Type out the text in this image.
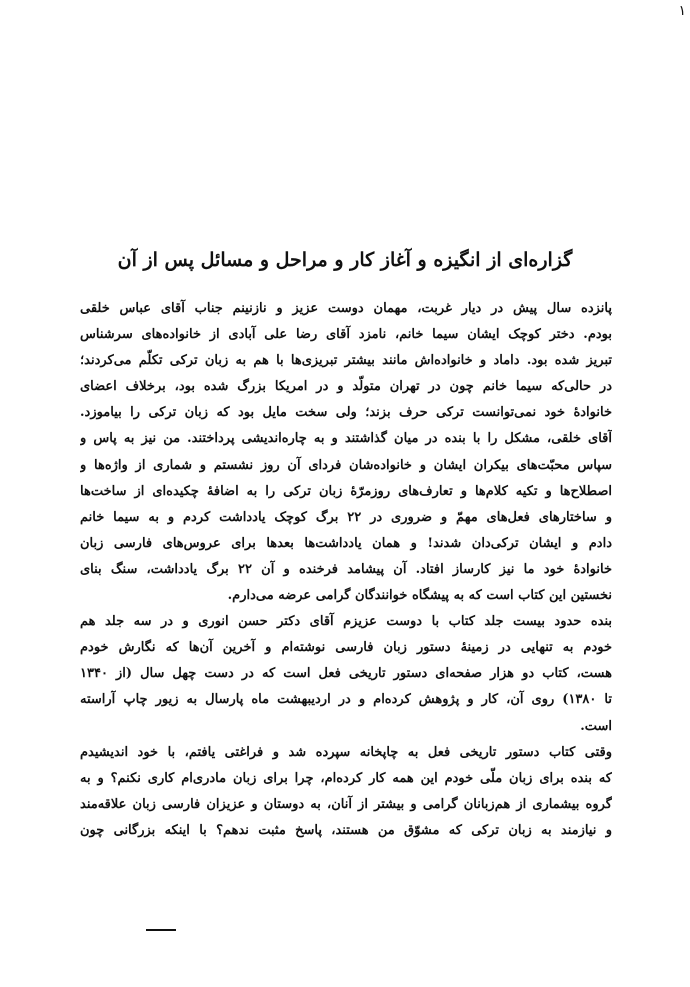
۱
گزاره‌ای از انگیزه و آغاز کار و مراحل و مسائل پس از آن
پانزده سال پیش در دیار غربت، مهمان دوست عزیز و نازنینم جناب آقای عباس خلقی
بودم. دختر کوچک ایشان سیما خانم، نامزد آقای رضا علی آبادی از خانواده‌های سرشناس
تبریز شده بود. داماد و خانواده‌اش مانند بیشتر تبریزی‌ها با هم به زبان ترکی تکلّم می‌کردند؛
در حالی‌که سیما خانم چون در تهران متولّد و در امریکا بزرگ شده بود، برخلاف اعضای
خانوادهٔ خود نمی‌توانست ترکی حرف بزند؛ ولی سخت مایل بود که زبان ترکی را بیاموزد.
آقای خلقی، مشکل را با بنده در میان گذاشتند و به چاره‌اندیشی پرداختند. من نیز به پاس و
سپاس محبّت‌های بیکران ایشان و خانواده‌شان فردای آن روز نشستم و شماری از واژه‌ها و
اصطلاح‌ها و تکیه کلام‌ها و تعارف‌های روزمرّهٔ زبان ترکی را به اضافهٔ چکیده‌ای از ساخت‌ها
و ساختارهای فعل‌های مهمّ و ضروری در ۲۲ برگ کوچک یادداشت کردم و به سیما خانم
دادم و ایشان ترکی‌دان شدند! و همان یادداشت‌ها بعدها برای عروس‌های فارسی زبان
خانوادهٔ خود ما نیز کارساز افتاد. آن پیشامد فرخنده و آن ۲۲ برگ یادداشت، سنگ بنای
نخستین این کتاب است که به پیشگاه خوانندگان گرامی عرضه می‌دارم.
بنده حدود بیست جلد کتاب با دوست عزیزم آقای دکتر حسن انوری و در سه جلد هم
خودم به تنهایی در زمینهٔ دستور زبان فارسی نوشته‌ام و آخرین آن‌ها که نگارش خودم
هست، کتاب دو هزار صفحه‌ای دستور تاریخی فعل است که در دست چهل سال (از ۱۳۴۰
تا ۱۳۸۰) روی آن، کار و پژوهش کرده‌ام و در اردیبهشت ماه پارسال به زیور چاپ آراسته
است.
وقتی کتاب دستور تاریخی فعل به چاپخانه سپرده شد و فراغتی یافتم، با خود اندیشیدم
که بنده برای زبان ملّی خودم این همه کار کرده‌ام، چرا برای زبان مادری‌ام کاری نکنم؟ و به
گروه بیشماری از هم‌زبانان گرامی و بیشتر از آنان، به دوستان و عزیزان فارسی زبان علاقه‌مند
و نیازمند به زبان ترکی که مشوّق من هستند، پاسخ مثبت ندهم؟ با اینکه بزرگانی چون
